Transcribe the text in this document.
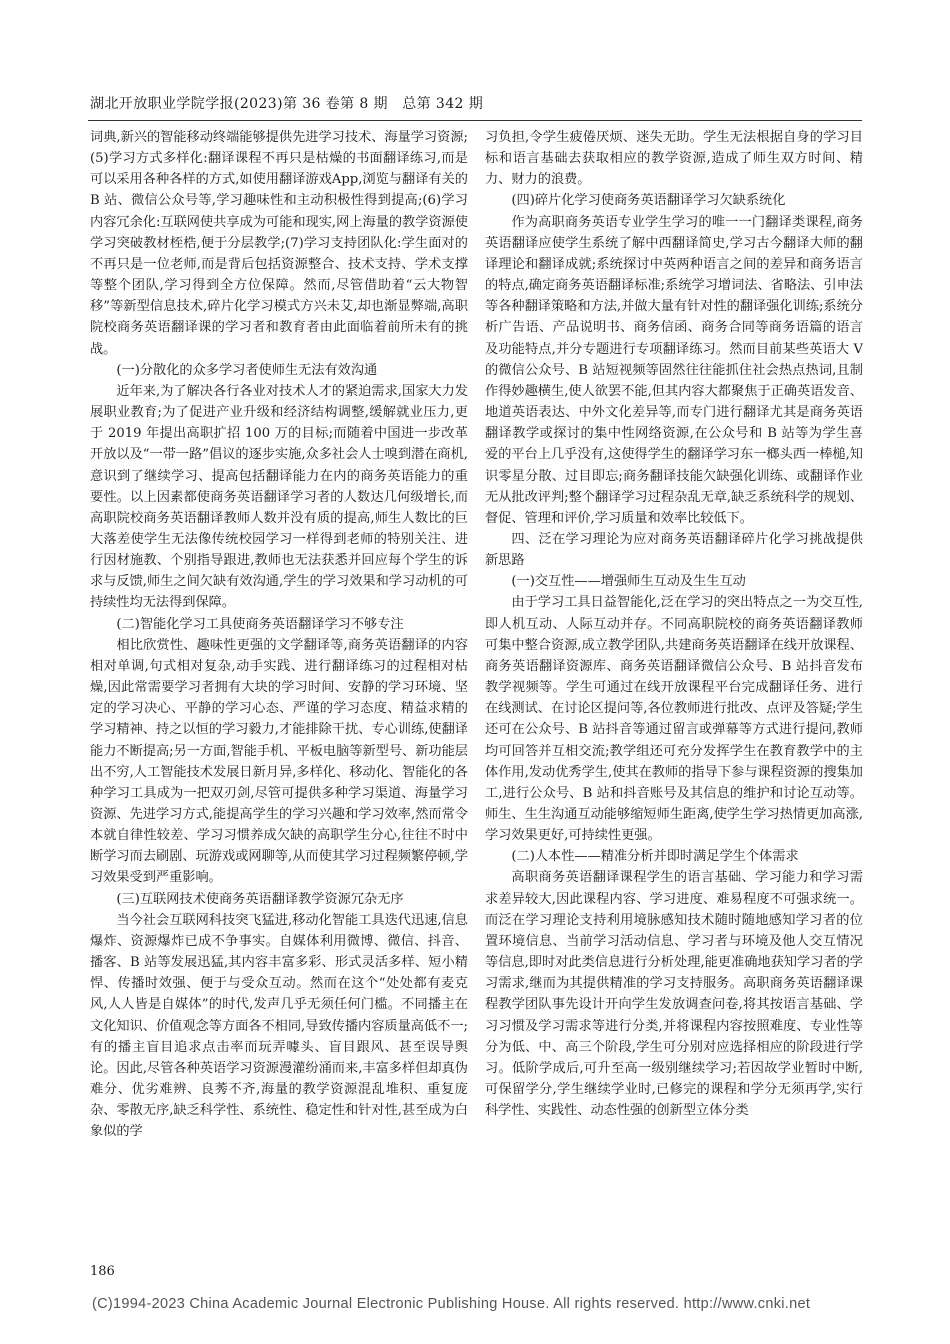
湖北开放职业学院学报(2023)第 36 卷第 8 期　总第 342 期

词典,新兴的智能移动终端能够提供先进学习技术、海量学习资源;(5)学习方式多样化:翻译课程不再只是枯燥的书面翻译练习,而是可以采用各种各样的方式,如使用翻译游戏App,浏览与翻译有关的 B 站、微信公众号等,学习趣味性和主动积极性得到提高;(6)学习内容冗余化:互联网使共享成为可能和现实,网上海量的教学资源使学习突破教材桎梏,便于分层教学;(7)学习支持团队化:学生面对的不再只是一位老师,而是背后包括资源整合、技术支持、学术支撑等整个团队,学习得到全方位保障。然而,尽管借助着“云大物智移”等新型信息技术,碎片化学习模式方兴未艾,却也渐显弊端,高职院校商务英语翻译课的学习者和教育者由此面临着前所未有的挑战。

(一)分散化的众多学习者使师生无法有效沟通

近年来,为了解决各行各业对技术人才的紧迫需求,国家大力发展职业教育;为了促进产业升级和经济结构调整,缓解就业压力,更于 2019 年提出高职扩招 100 万的目标;而随着中国进一步改革开放以及“一带一路”倡议的逐步实施,众多社会人士嗅到潜在商机,意识到了继续学习、提高包括翻译能力在内的商务英语能力的重要性。以上因素都使商务英语翻译学习者的人数达几何级增长,而高职院校商务英语翻译教师人数并没有质的提高,师生人数比的巨大落差使学生无法像传统校园学习一样得到老师的特别关注、进行因材施教、个别指导跟进,教师也无法获悉并回应每个学生的诉求与反馈,师生之间欠缺有效沟通,学生的学习效果和学习动机的可持续性均无法得到保障。

(二)智能化学习工具使商务英语翻译学习不够专注

相比欣赏性、趣味性更强的文学翻译等,商务英语翻译的内容相对单调,句式相对复杂,动手实践、进行翻译练习的过程相对枯燥,因此常需要学习者拥有大块的学习时间、安静的学习环境、坚定的学习决心、平静的学习心态、严谨的学习态度、精益求精的学习精神、持之以恒的学习毅力,才能排除干扰、专心训练,使翻译能力不断提高;另一方面,智能手机、平板电脑等新型号、新功能层出不穷,人工智能技术发展日新月异,多样化、移动化、智能化的各种学习工具成为一把双刃剑,尽管可提供多种学习渠道、海量学习资源、先进学习方式,能提高学生的学习兴趣和学习效率,然而常令本就自律性较差、学习习惯养成欠缺的高职学生分心,往往不时中断学习而去刷剧、玩游戏或网聊等,从而使其学习过程频繁停顿,学习效果受到严重影响。

(三)互联网技术使商务英语翻译教学资源冗杂无序

当今社会互联网科技突飞猛进,移动化智能工具迭代迅速,信息爆炸、资源爆炸已成不争事实。自媒体利用微博、微信、抖音、播客、B 站等发展迅猛,其内容丰富多彩、形式灵活多样、短小精悍、传播时效强、便于与受众互动。然而在这个“处处都有麦克风,人人皆是自媒体”的时代,发声几乎无须任何门槛。不同播主在文化知识、价值观念等方面各不相同,导致传播内容质量高低不一;有的播主盲目追求点击率而玩弄噱头、盲目跟风、甚至误导舆论。因此,尽管各种英语学习资源漫灌纷涌而来,丰富多样但却真伪难分、优劣难辨、良莠不齐,海量的教学资源混乱堆积、重复庞杂、零散无序,缺乏科学性、系统性、稳定性和针对性,甚至成为白象似的学

习负担,令学生疲倦厌烦、迷失无助。学生无法根据自身的学习目标和语言基础去获取相应的教学资源,造成了师生双方时间、精力、财力的浪费。

(四)碎片化学习使商务英语翻译学习欠缺系统化

作为高职商务英语专业学生学习的唯一一门翻译类课程,商务英语翻译应使学生系统了解中西翻译简史,学习古今翻译大师的翻译理论和翻译成就;系统探讨中英两种语言之间的差异和商务语言的特点,确定商务英语翻译标准;系统学习增词法、省略法、引申法等各种翻译策略和方法,并做大量有针对性的翻译强化训练;系统分析广告语、产品说明书、商务信函、商务合同等商务语篇的语言及功能特点,并分专题进行专项翻译练习。然而目前某些英语大 V 的微信公众号、B 站短视频等固然往往能抓住社会热点热词,且制作得妙趣横生,使人欲罢不能,但其内容大都聚焦于正确英语发音、地道英语表达、中外文化差异等,而专门进行翻译尤其是商务英语翻译教学或探讨的集中性网络资源,在公众号和 B 站等为学生喜爱的平台上几乎没有,这使得学生的翻译学习东一榔头西一棒槌,知识零星分散、过目即忘;商务翻译技能欠缺强化训练、或翻译作业无从批改评判;整个翻译学习过程杂乱无章,缺乏系统科学的规划、督促、管理和评价,学习质量和效率比较低下。

四、泛在学习理论为应对商务英语翻译碎片化学习挑战提供新思路
(一)交互性——增强师生互动及生生互动

由于学习工具日益智能化,泛在学习的突出特点之一为交互性,即人机互动、人际互动并存。不同高职院校的商务英语翻译教师可集中整合资源,成立教学团队,共建商务英语翻译在线开放课程、商务英语翻译资源库、商务英语翻译微信公众号、B 站抖音发布教学视频等。学生可通过在线开放课程平台完成翻译任务、进行在线测试、在讨论区提问等,各位教师进行批改、点评及答疑;学生还可在公众号、B 站抖音等通过留言或弹幕等方式进行提问,教师均可回答并互相交流;教学组还可充分发挥学生在教育教学中的主体作用,发动优秀学生,使其在教师的指导下参与课程资源的搜集加工,进行公众号、B 站和抖音账号及其信息的维护和讨论互动等。师生、生生沟通互动能够缩短师生距离,使学生学习热情更加高涨,学习效果更好,可持续性更强。

(二)人本性——精准分析并即时满足学生个体需求

高职商务英语翻译课程学生的语言基础、学习能力和学习需求差异较大,因此课程内容、学习进度、难易程度不可强求统一。而泛在学习理论支持利用境脉感知技术随时随地感知学习者的位置环境信息、当前学习活动信息、学习者与环境及他人交互情况等信息,即时对此类信息进行分析处理,能更准确地获知学习者的学习需求,继而为其提供精准的学习支持服务。高职商务英语翻译课程教学团队事先设计开向学生发放调查问卷,将其按语言基础、学习习惯及学习需求等进行分类,并将课程内容按照难度、专业性等分为低、中、高三个阶段,学生可分别对应选择相应的阶段进行学习。低阶学成后,可升至高一级别继续学习;若因故学业暂时中断,可保留学分,学生继续学业时,已修完的课程和学分无须再学,实行科学性、实践性、动态性强的创新型立体分类

186
(C)1994-2023 China Academic Journal Electronic Publishing House. All rights reserved. http://www.cnki.net
